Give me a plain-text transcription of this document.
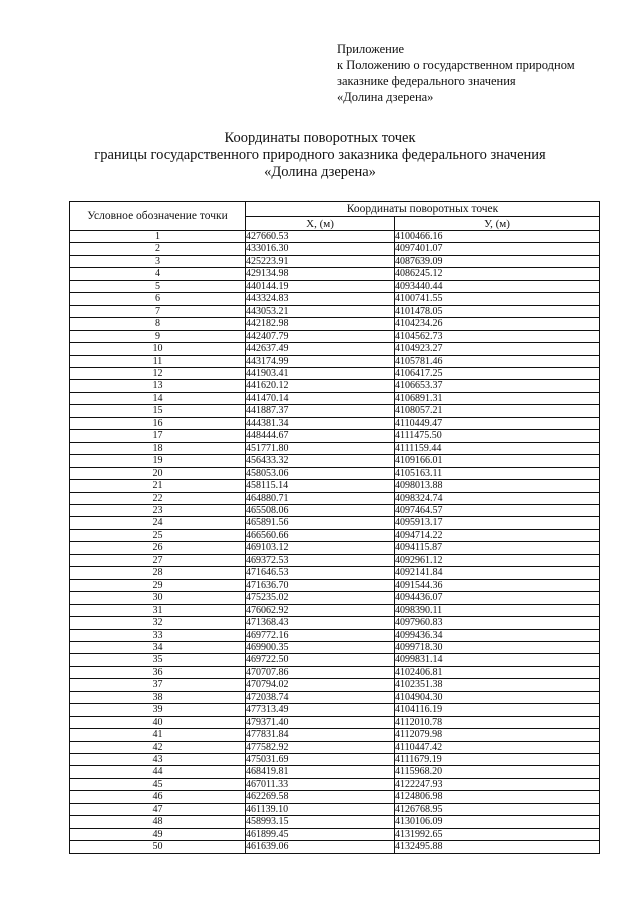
Приложение
к Положению о государственном природном
заказнике федерального значения
«Долина дзерена»
Координаты поворотных точек
границы государственного природного заказника федерального значения
«Долина дзерена»
Условное обозначение точки	Координаты поворотных точек	
	X, (м)	У, (м)
1	427660.53	4100466.16
2	433016.30	4097401.07
3	425223.91	4087639.09
4	429134.98	4086245.12
5	440144.19	4093440.44
6	443324.83	4100741.55
7	443053.21	4101478.05
8	442182.98	4104234.26
9	442407.79	4104562.73
10	442637.49	4104923.27
11	443174.99	4105781.46
12	441903.41	4106417.25
13	441620.12	4106653.37
14	441470.14	4106891.31
15	441887.37	4108057.21
16	444381.34	4110449.47
17	448444.67	4111475.50
18	451771.80	4111159.44
19	456433.32	4109166.01
20	458053.06	4105163.11
21	458115.14	4098013.88
22	464880.71	4098324.74
23	465508.06	4097464.57
24	465891.56	4095913.17
25	466560.66	4094714.22
26	469103.12	4094115.87
27	469372.53	4092961.12
28	471646.53	4092141.84
29	471636.70	4091544.36
30	475235.02	4094436.07
31	476062.92	4098390.11
32	471368.43	4097960.83
33	469772.16	4099436.34
34	469900.35	4099718.30
35	469722.50	4099831.14
36	470707.86	4102406.81
37	470794.02	4102351.38
38	472038.74	4104904.30
39	477313.49	4104116.19
40	479371.40	4112010.78
41	477831.84	4112079.98
42	477582.92	4110447.42
43	475031.69	4111679.19
44	468419.81	4115968.20
45	467011.33	4122247.93
46	462269.58	4124806.98
47	461139.10	4126768.95
48	458993.15	4130106.09
49	461899.45	4131992.65
50	461639.06	4132495.88
